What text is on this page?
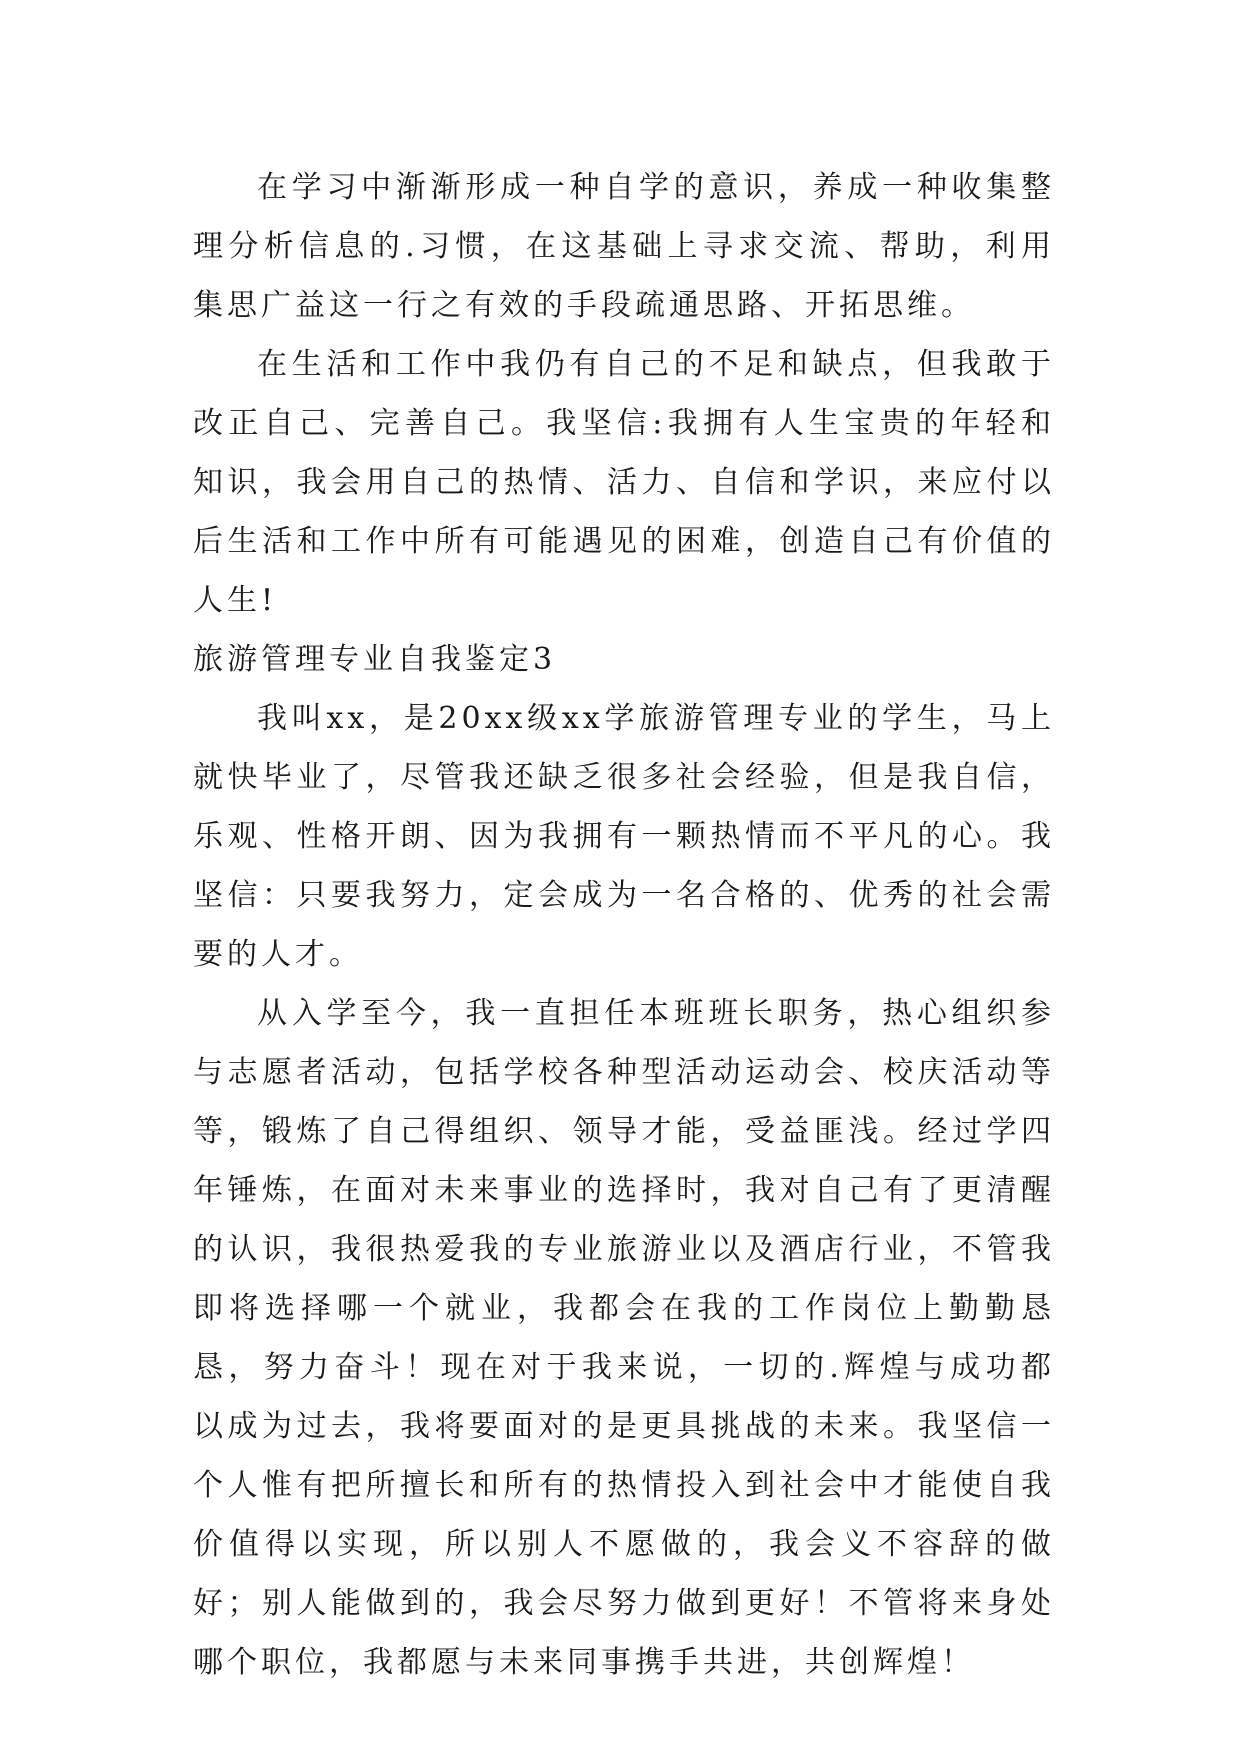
在学习中渐渐形成一种自学的意识，养成一种收集整理分析信息的.习惯，在这基础上寻求交流、帮助，利用集思广益这一行之有效的手段疏通思路、开拓思维。

在生活和工作中我仍有自己的不足和缺点，但我敢于改正自己、完善自己。我坚信:我拥有人生宝贵的年轻和知识，我会用自己的热情、活力、自信和学识，来应付以后生活和工作中所有可能遇见的困难，创造自己有价值的人生!

旅游管理专业自我鉴定3

我叫xx，是20xx级xx学旅游管理专业的学生，马上就快毕业了，尽管我还缺乏很多社会经验，但是我自信，乐观、性格开朗、因为我拥有一颗热情而不平凡的心。我坚信：只要我努力，定会成为一名合格的、优秀的社会需要的人才。

从入学至今，我一直担任本班班长职务，热心组织参与志愿者活动，包括学校各种型活动运动会、校庆活动等等，锻炼了自己得组织、领导才能，受益匪浅。经过学四年锤炼，在面对未来事业的选择时，我对自己有了更清醒的认识，我很热爱我的专业旅游业以及酒店行业，不管我即将选择哪一个就业，我都会在我的工作岗位上勤勤恳恳，努力奋斗！现在对于我来说，一切的.辉煌与成功都以成为过去，我将要面对的是更具挑战的未来。我坚信一个人惟有把所擅长和所有的热情投入到社会中才能使自我价值得以实现，所以别人不愿做的，我会义不容辞的做好；别人能做到的，我会尽努力做到更好！不管将来身处哪个职位，我都愿与未来同事携手共进，共创辉煌！
